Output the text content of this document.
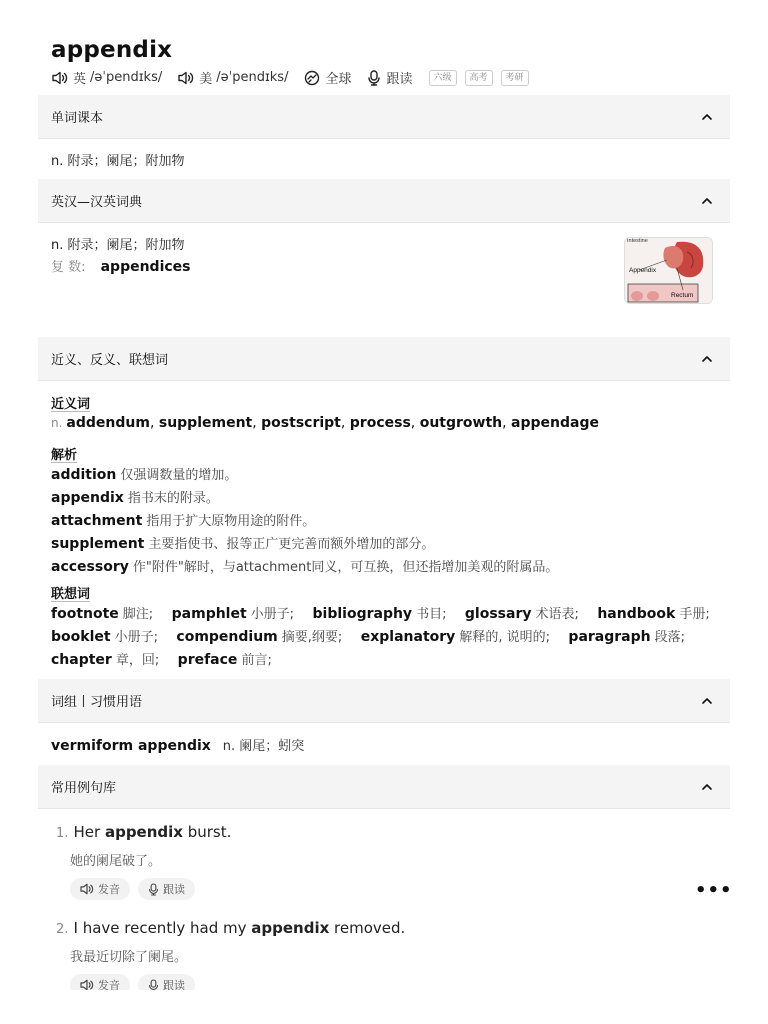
appendix
英 /əˈpendɪks/	美 /əˈpendɪks/	全球	跟读	六级	高考	考研
单词课本
n. 附录；阑尾；附加物
英汉—汉英词典
n. 附录；阑尾；附加物
复 数: appendices	Appendix
Rectum
Intestine
近义、反义、联想词
近义词
n. addendum, supplement, postscript, process, outgrowth, appendage
解析
addition 仅强调数量的增加。
appendix 指书末的附录。
attachment 指用于扩大原物用途的附件。
supplement 主要指使书、报等正广更完善而额外增加的部分。
accessory 作"附件"解时，与attachment同义，可互换，但还指增加美观的附属品。
联想词
footnote 脚注; pamphlet 小册子; bibliography 书目; glossary 术语表; handbook 手册;
booklet 小册子; compendium 摘要,纲要; explanatory 解释的, 说明的; paragraph 段落;
chapter 章，回; preface 前言;
词组丨习惯用语
vermiform appendix n. 阑尾；蚓突
常用例句库
1. Her appendix burst.
她的阑尾破了。
发音	跟读	•••
2. I have recently had my appendix removed.
我最近切除了阑尾。
发音	跟读
